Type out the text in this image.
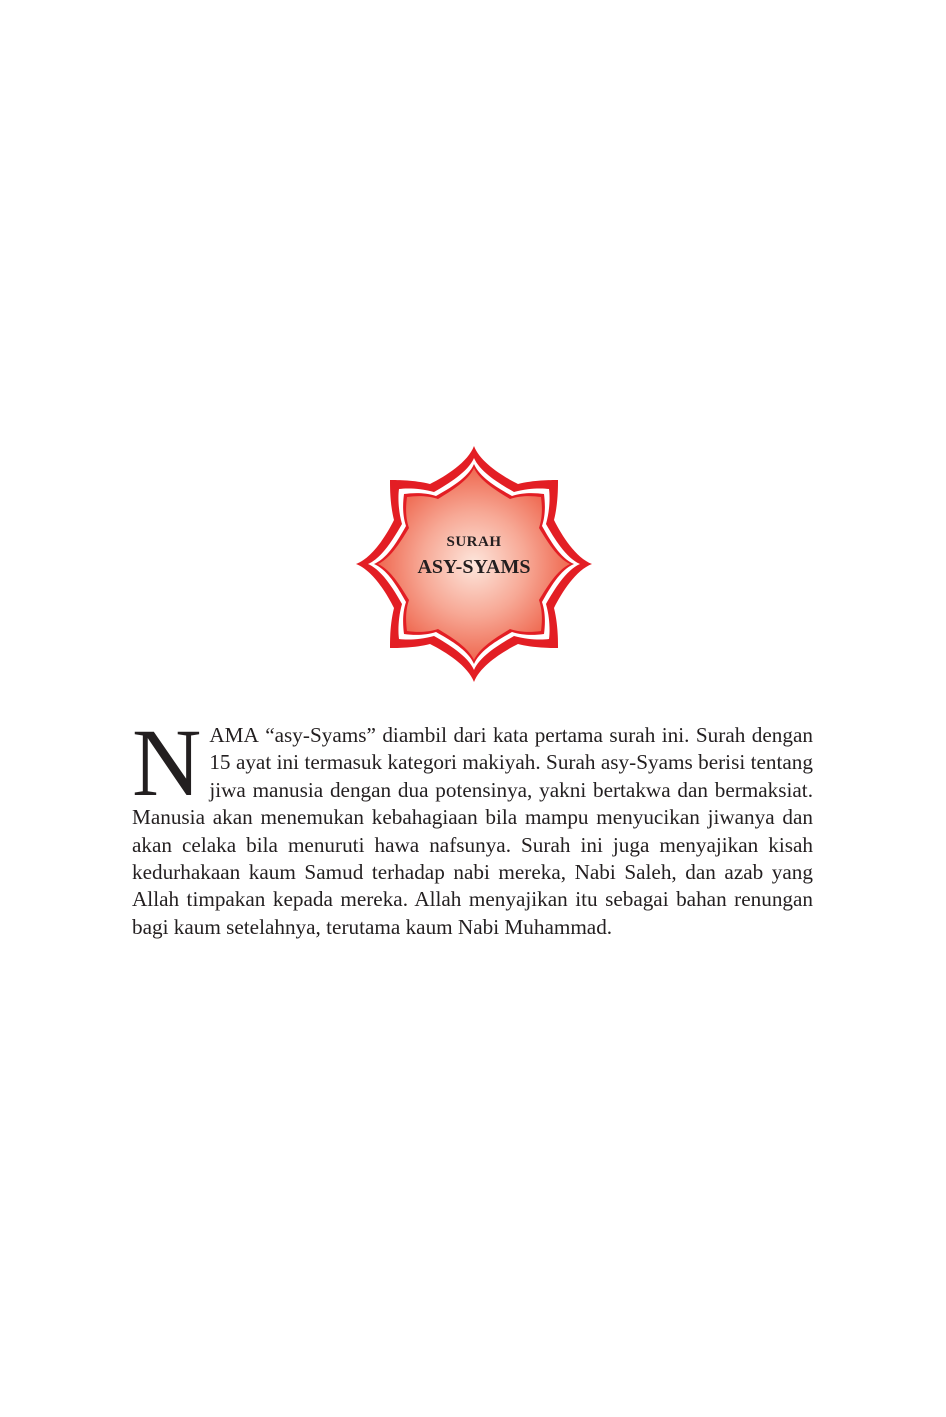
SURAH
ASY-SYAMS
NAMA “asy-Syams” diambil dari kata pertama surah ini. Surah dengan 15 ayat ini termasuk kategori makiyah. Surah asy-Syams berisi tentang jiwa manusia dengan dua potensinya, yakni bertakwa dan bermaksiat. Manusia akan menemukan kebahagiaan bila mampu menyucikan jiwanya dan akan celaka bila menuruti hawa nafsunya. Surah ini juga menyajikan kisah kedurhakaan kaum Samud terhadap nabi mereka, Nabi Saleh, dan azab yang Allah timpakan kepada mereka. Allah menyajikan itu sebagai bahan renungan bagi kaum setelahnya, terutama kaum Nabi Muhammad.
